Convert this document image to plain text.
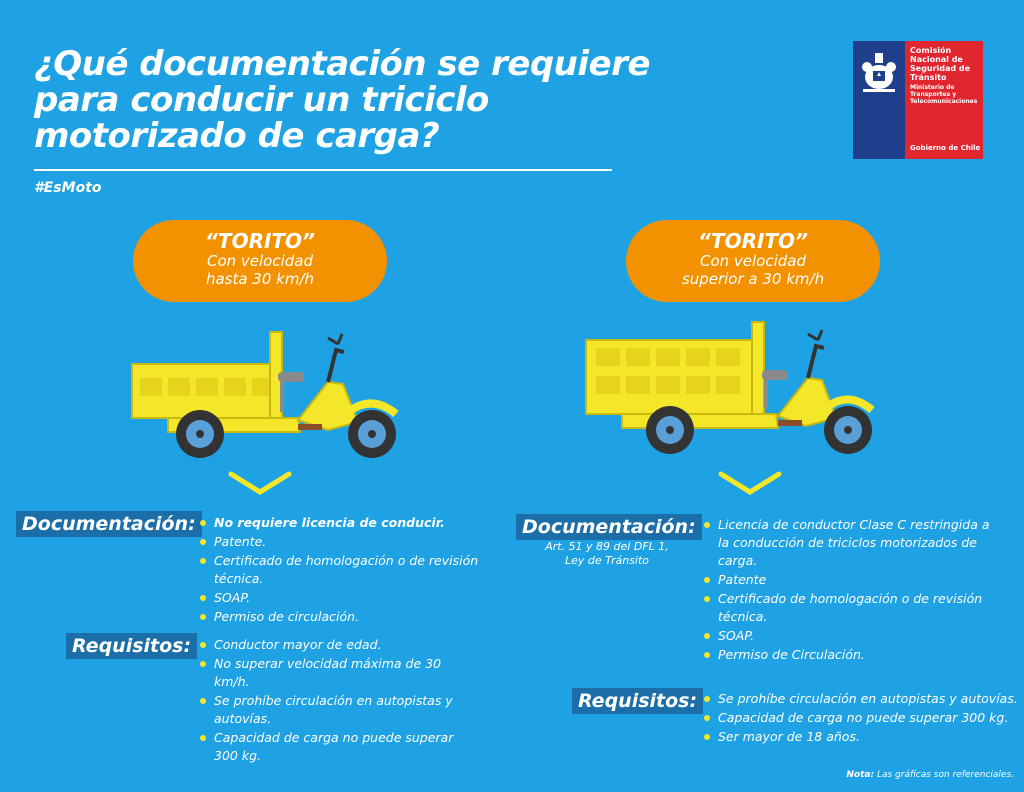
¿Qué documentación se requiere
para conducir un triciclo
motorizado de carga?
#EsMoto
Comisión
Nacional de
Seguridad de
Tránsito
Ministerio de
Transportes y
Telecomunicaciones
Gobierno de Chile
“TORITO”
Con velocidad
hasta 30 km/h
“TORITO”
Con velocidad
superior a 30 km/h
Documentación:	No requiere licencia de conducir.
Patente.
Certificado de homologación o de revisión técnica.
SOAP.
Permiso de circulación.
Requisitos:	Conductor mayor de edad.
No superar velocidad máxima de 30 km/h.
Se prohíbe circulación en autopistas y autovías.
Capacidad de carga no puede superar 300 kg.
Documentación:
Art. 51 y 89 del DFL 1,
Ley de Tránsito
Licencia de conductor Clase C restringida a la conducción de triciclos motorizados de carga.
Patente
Certificado de homologación o de revisión técnica.
SOAP.
Permiso de Circulación.
Requisitos:	Se prohíbe circulación en autopistas y autovías.
Capacidad de carga no puede superar 300 kg.
Ser mayor de 18 años.
Nota: Las gráficas son referenciales.
